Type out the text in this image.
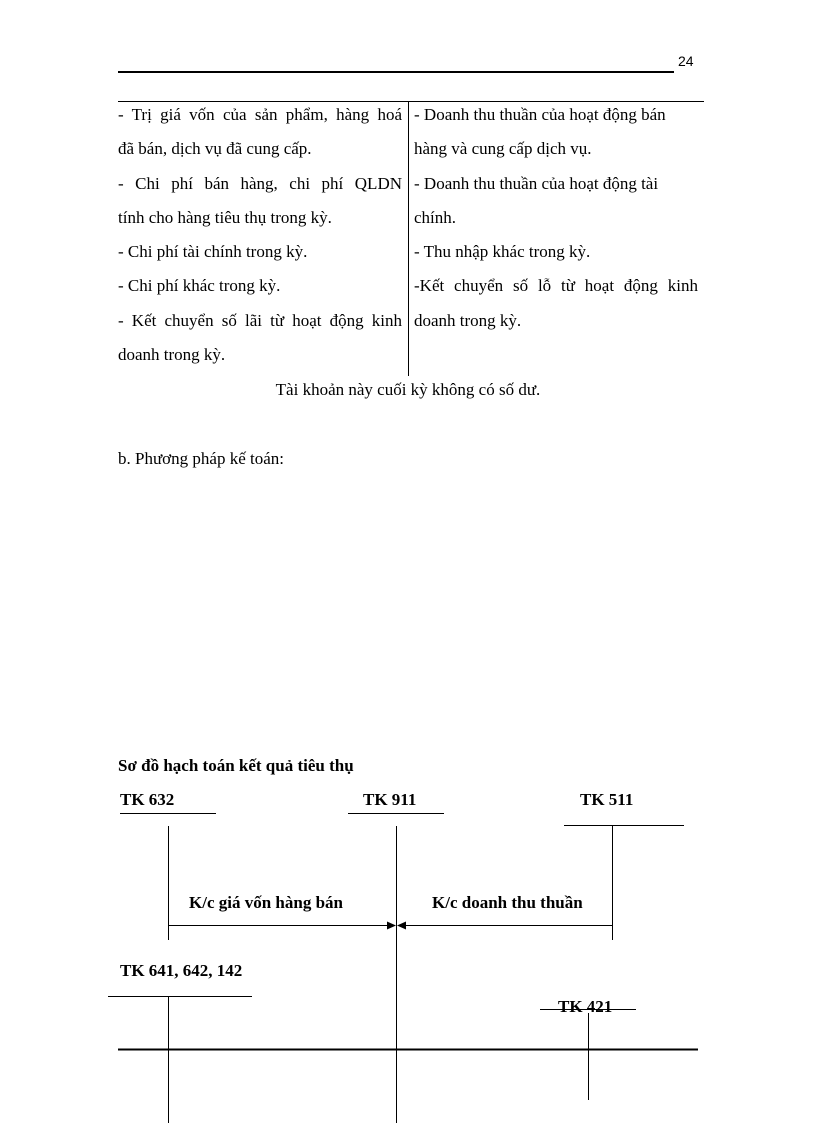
24
- Trị giá vốn của sản phẩm, hàng hoá
đã bán, dịch vụ đã cung cấp.
- Chi phí bán hàng, chi phí QLDN
tính cho hàng tiêu thụ trong kỳ.
- Chi phí tài chính trong kỳ.
- Chi phí khác trong kỳ.
- Kết chuyển số lãi từ hoạt động kinh
doanh trong kỳ.
- Doanh thu thuần của hoạt động bán
hàng và cung cấp dịch vụ.
- Doanh thu thuần của hoạt động tài
chính.
- Thu nhập khác trong kỳ.
-Kết chuyển số lỗ từ hoạt động kinh
doanh trong kỳ.
Tài khoản này cuối kỳ không có số dư.
b. Phương pháp kế toán:
Sơ đồ hạch toán kết quả tiêu thụ
TK 632	TK 911	TK 511
TK 641, 642, 142
TK 421
K/c giá vốn hàng bán	K/c doanh thu thuần
